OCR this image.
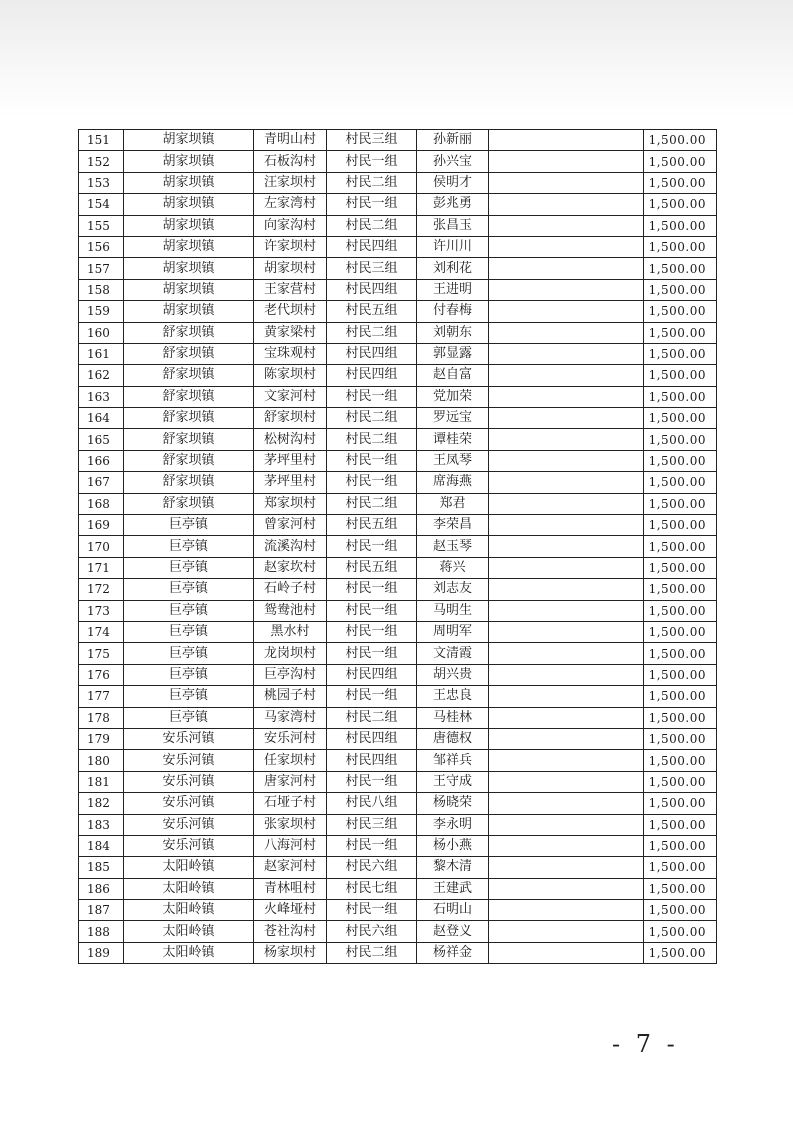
151	胡家坝镇	青明山村	村民三组	孙新丽		1,500.00
152	胡家坝镇	石板沟村	村民一组	孙兴宝		1,500.00
153	胡家坝镇	汪家坝村	村民二组	侯明才		1,500.00
154	胡家坝镇	左家湾村	村民一组	彭兆勇		1,500.00
155	胡家坝镇	向家沟村	村民二组	张昌玉		1,500.00
156	胡家坝镇	许家坝村	村民四组	许川川		1,500.00
157	胡家坝镇	胡家坝村	村民三组	刘利花		1,500.00
158	胡家坝镇	王家营村	村民四组	王进明		1,500.00
159	胡家坝镇	老代坝村	村民五组	付春梅		1,500.00
160	舒家坝镇	黄家梁村	村民二组	刘朝东		1,500.00
161	舒家坝镇	宝珠观村	村民四组	郭显露		1,500.00
162	舒家坝镇	陈家坝村	村民四组	赵自富		1,500.00
163	舒家坝镇	文家河村	村民一组	党加荣		1,500.00
164	舒家坝镇	舒家坝村	村民二组	罗远宝		1,500.00
165	舒家坝镇	松树沟村	村民二组	谭桂荣		1,500.00
166	舒家坝镇	茅坪里村	村民一组	王凤琴		1,500.00
167	舒家坝镇	茅坪里村	村民一组	席海燕		1,500.00
168	舒家坝镇	郑家坝村	村民二组	郑君		1,500.00
169	巨亭镇	曾家河村	村民五组	李荣昌		1,500.00
170	巨亭镇	流溪沟村	村民一组	赵玉琴		1,500.00
171	巨亭镇	赵家坎村	村民五组	蒋兴		1,500.00
172	巨亭镇	石岭子村	村民一组	刘志友		1,500.00
173	巨亭镇	鸳鸯池村	村民一组	马明生		1,500.00
174	巨亭镇	黑水村	村民一组	周明军		1,500.00
175	巨亭镇	龙岗坝村	村民一组	文清霞		1,500.00
176	巨亭镇	巨亭沟村	村民四组	胡兴贵		1,500.00
177	巨亭镇	桃园子村	村民一组	王忠良		1,500.00
178	巨亭镇	马家湾村	村民二组	马桂林		1,500.00
179	安乐河镇	安乐河村	村民四组	唐德权		1,500.00
180	安乐河镇	任家坝村	村民四组	邹祥兵		1,500.00
181	安乐河镇	唐家河村	村民一组	王守成		1,500.00
182	安乐河镇	石垭子村	村民八组	杨晓荣		1,500.00
183	安乐河镇	张家坝村	村民三组	李永明		1,500.00
184	安乐河镇	八海河村	村民一组	杨小燕		1,500.00
185	太阳岭镇	赵家河村	村民六组	黎木清		1,500.00
186	太阳岭镇	青林咀村	村民七组	王建武		1,500.00
187	太阳岭镇	火峰垭村	村民一组	石明山		1,500.00
188	太阳岭镇	苍社沟村	村民六组	赵登义		1,500.00
189	太阳岭镇	杨家坝村	村民二组	杨祥金		1,500.00
- 7 -
